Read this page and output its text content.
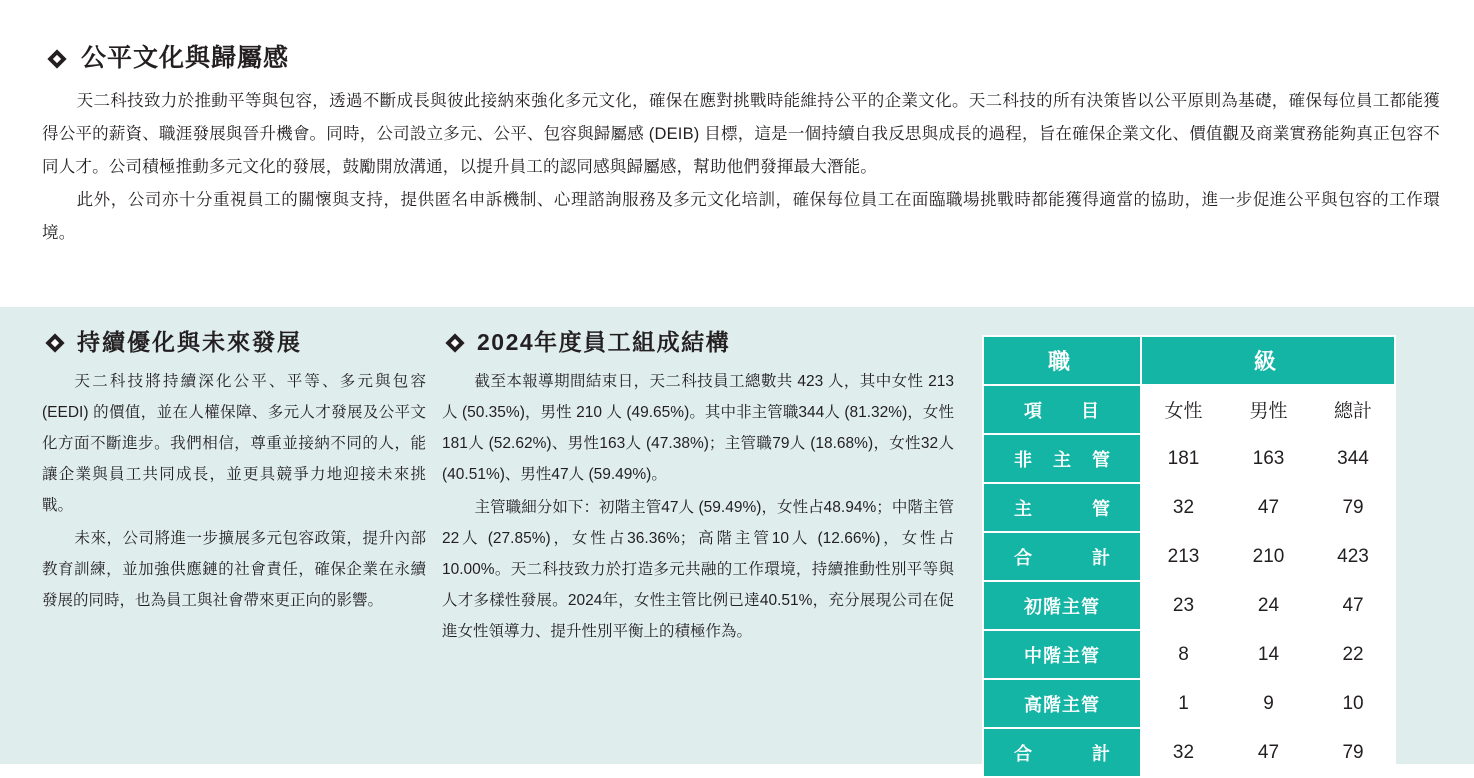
公平文化與歸屬感

天二科技致力於推動平等與包容，透過不斷成長與彼此接納來強化多元文化，確保在應對挑戰時能維持公平的企業文化。天二科技的所有決策皆以公平原則為基礎，確保每位員工都能獲得公平的薪資、職涯發展與晉升機會。同時，公司設立多元、公平、包容與歸屬感 (DEIB) 目標，這是一個持續自我反思與成長的過程，旨在確保企業文化、價值觀及商業實務能夠真正包容不同人才。公司積極推動多元文化的發展，鼓勵開放溝通，以提升員工的認同感與歸屬感，幫助他們發揮最大潛能。

此外，公司亦十分重視員工的關懷與支持，提供匿名申訴機制、心理諮詢服務及多元文化培訓，確保每位員工在面臨職場挑戰時都能獲得適當的協助，進一步促進公平與包容的工作環境。

持續優化與未來發展

天二科技將持續深化公平、平等、多元與包容 (EEDI) 的價值，並在人權保障、多元人才發展及公平文化方面不斷進步。我們相信，尊重並接納不同的人，能讓企業與員工共同成長，並更具競爭力地迎接未來挑戰。

未來，公司將進一步擴展多元包容政策，提升內部教育訓練，並加強供應鏈的社會責任，確保企業在永續發展的同時，也為員工與社會帶來更正向的影響。

2024年度員工組成結構

截至本報導期間結束日，天二科技員工總數共 423 人，其中女性 213 人 (50.35%)，男性 210 人 (49.65%)。其中非主管職344人 (81.32%)，女性181人 (52.62%)、男性163人 (47.38%)；主管職79人 (18.68%)，女性32人 (40.51%)、男性47人 (59.49%)。

主管職細分如下：初階主管47人 (59.49%)，女性占48.94%；中階主管22人 (27.85%)，女性占36.36%；高階主管10人 (12.66%)，女性占10.00%。天二科技致力於打造多元共融的工作環境，持續推動性別平等與人才多樣性發展。2024年，女性主管比例已達40.51%，充分展現公司在促進女性領導力、提升性別平衡上的積極作為。

職	級		
項　　目	女性	男性	總計
非 主 管	181	163	344
主　　管	32	47	79
合　　計	213	210	423
初階主管	23	24	47
中階主管	8	14	22
高階主管	1	9	10
合　　計	32	47	79
